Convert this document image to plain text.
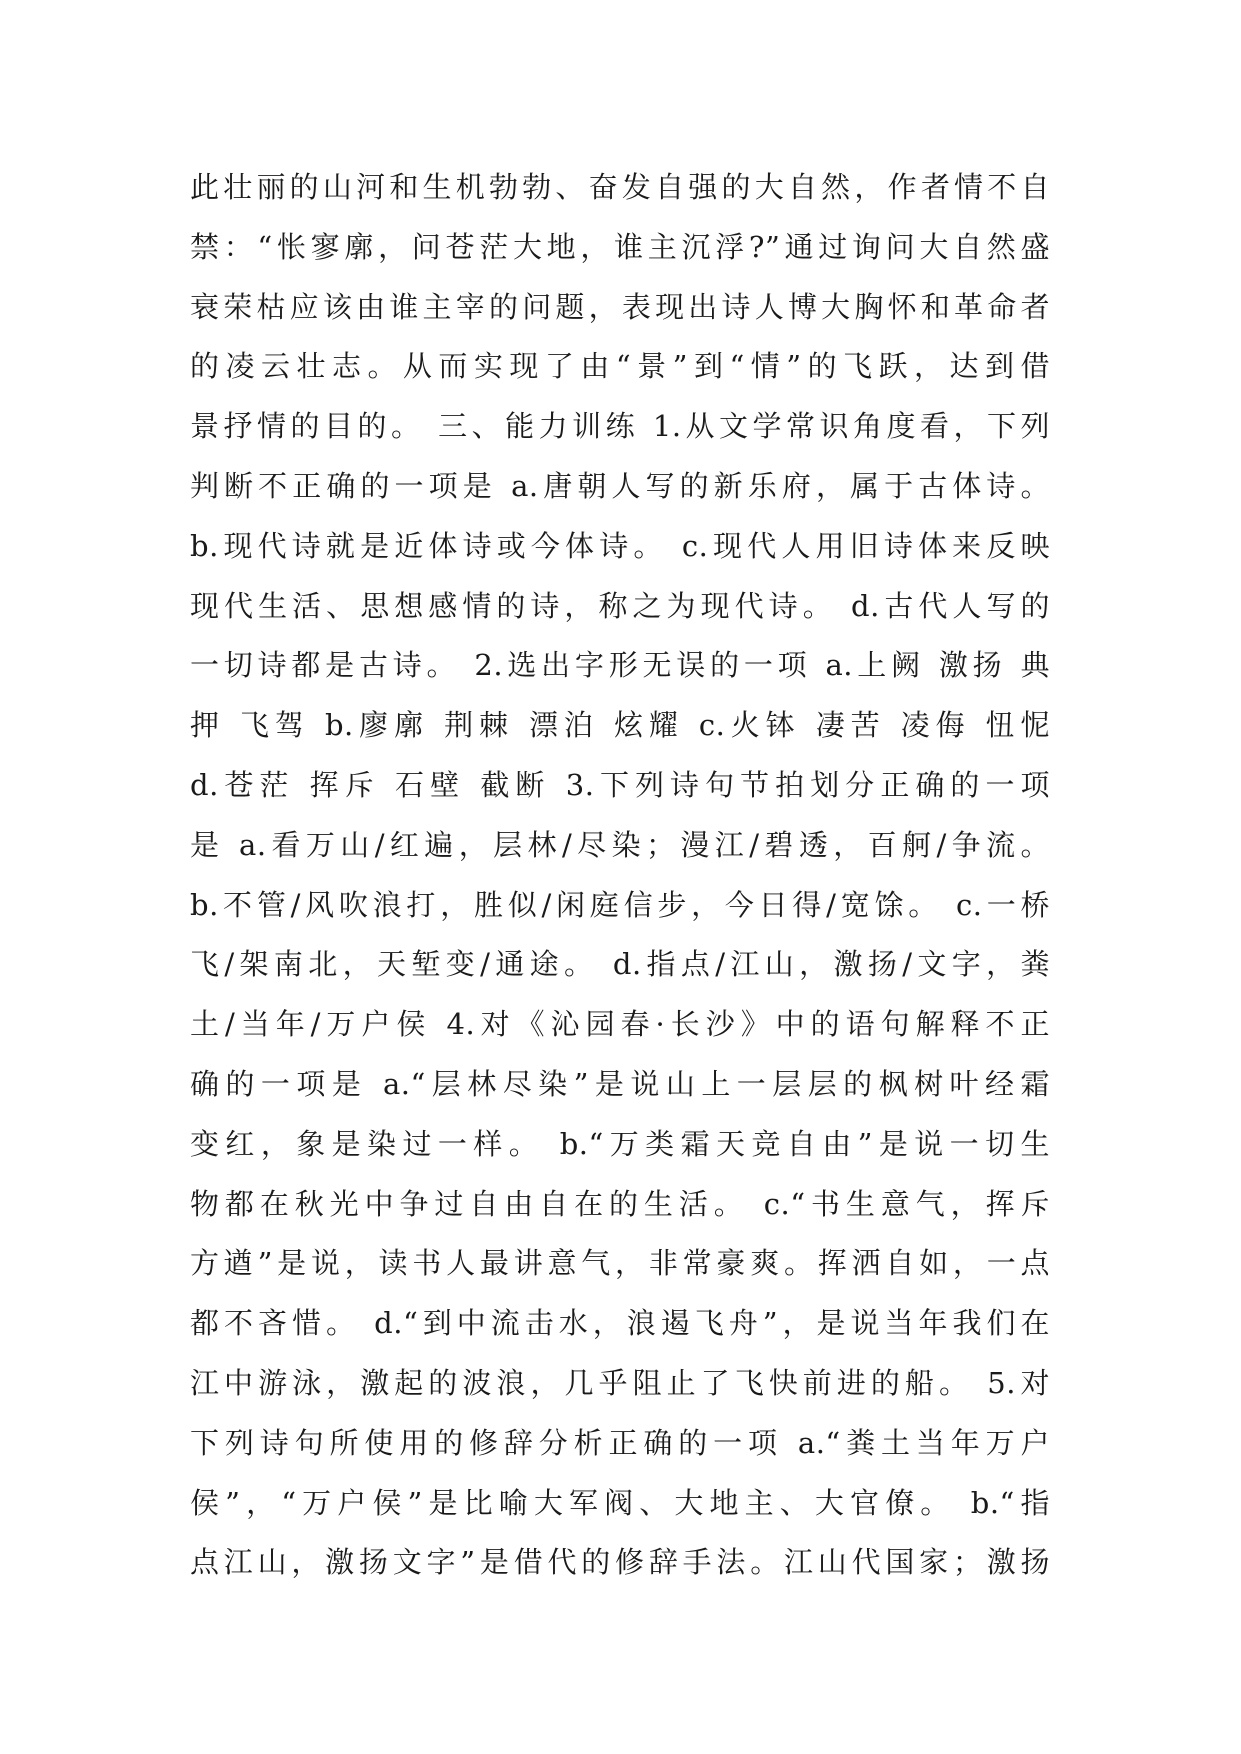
此壮丽的山河和生机勃勃、奋发自强的大自然，作者情不自
禁：“怅寥廓，问苍茫大地，谁主沉浮?”通过询问大自然盛
衰荣枯应该由谁主宰的问题，表现出诗人博大胸怀和革命者
的凌云壮志。从而实现了由“景”到“情”的飞跃，达到借
景抒情的目的。 三、能力训练 1.从文学常识角度看，下列
判断不正确的一项是 a.唐朝人写的新乐府，属于古体诗。
b.现代诗就是近体诗或今体诗。 c.现代人用旧诗体来反映
现代生活、思想感情的诗，称之为现代诗。 d.古代人写的
一切诗都是古诗。 2.选出字形无误的一项 a.上阙 激扬 典
押 飞驾 b.廖廓 荆棘 漂泊 炫耀 c.火钵 凄苦 凌侮 忸怩
d.苍茫 挥斥 石壁 截断 3.下列诗句节拍划分正确的一项
是 a.看万山/红遍，层林/尽染；漫江/碧透，百舸/争流。
b.不管/风吹浪打，胜似/闲庭信步，今日得/宽馀。 c.一桥
飞/架南北，天堑变/通途。 d.指点/江山，激扬/文字，粪
土/当年/万户侯 4.对《沁园春·长沙》中的语句解释不正
确的一项是 a.“层林尽染”是说山上一层层的枫树叶经霜
变红，象是染过一样。 b.“万类霜天竞自由”是说一切生
物都在秋光中争过自由自在的生活。 c.“书生意气，挥斥
方遒”是说，读书人最讲意气，非常豪爽。挥洒自如，一点
都不吝惜。 d.“到中流击水，浪遏飞舟”，是说当年我们在
江中游泳，激起的波浪，几乎阻止了飞快前进的船。 5.对
下列诗句所使用的修辞分析正确的一项 a.“粪土当年万户
侯”，“万户侯”是比喻大军阀、大地主、大官僚。 b.“指
点江山，激扬文字”是借代的修辞手法。江山代国家；激扬
